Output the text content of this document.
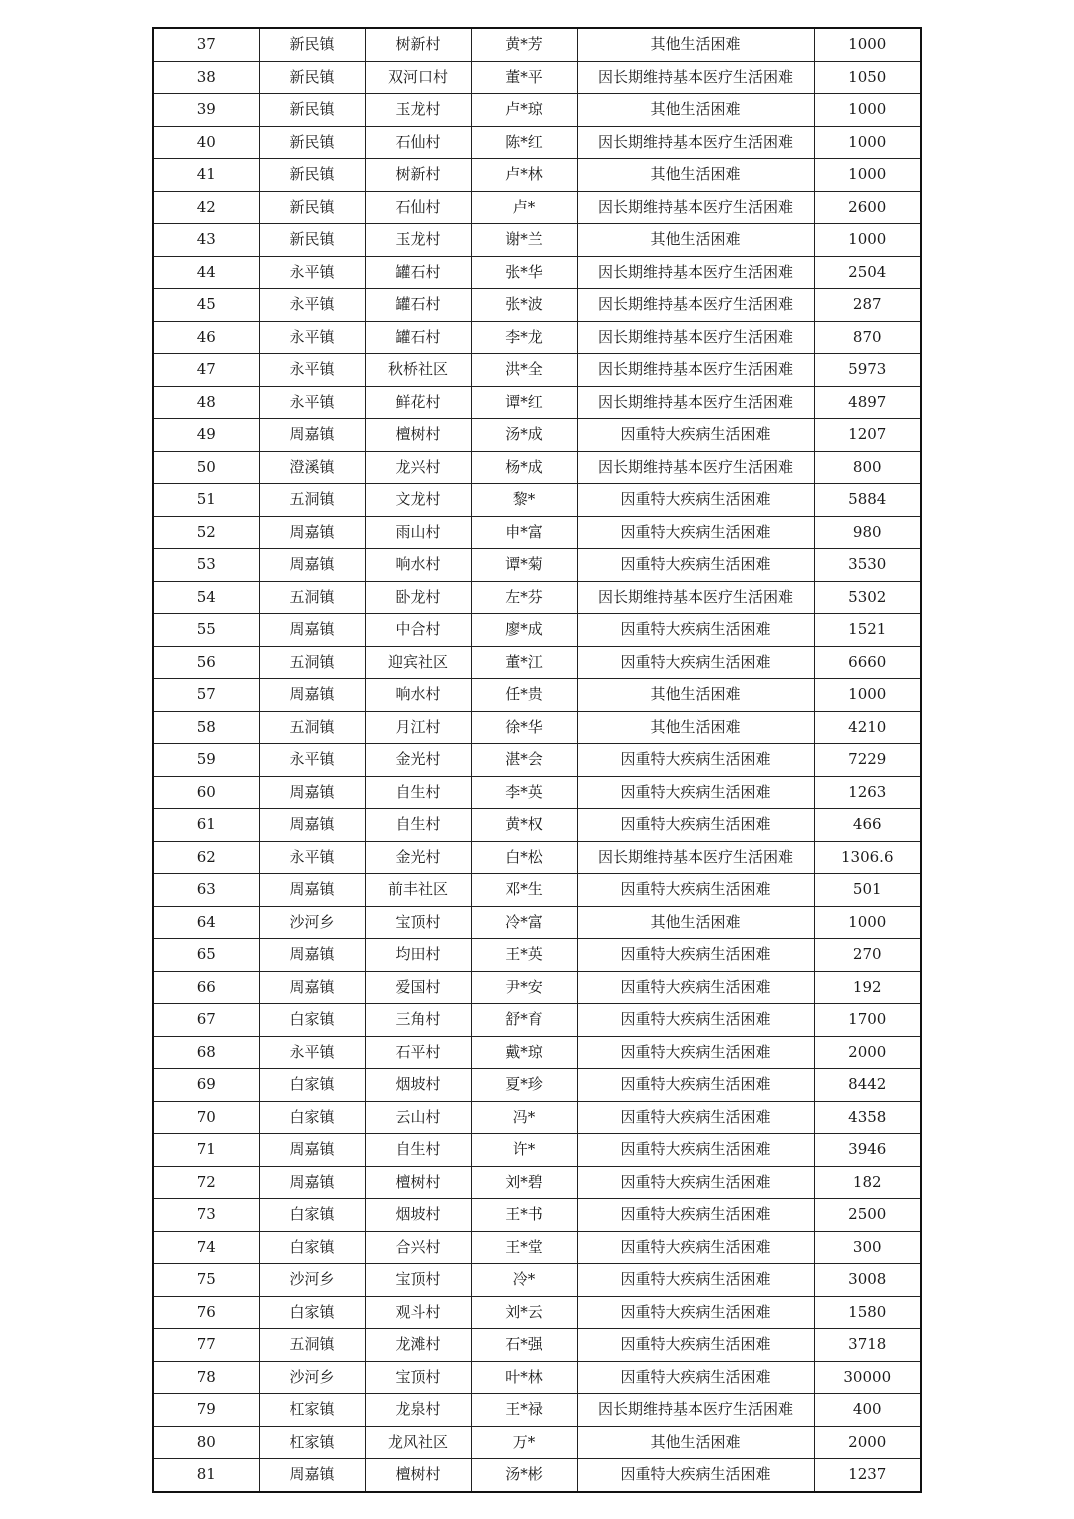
37	新民镇	树新村	黄*芳	其他生活困难	1000
38	新民镇	双河口村	董*平	因长期维持基本医疗生活困难	1050
39	新民镇	玉龙村	卢*琼	其他生活困难	1000
40	新民镇	石仙村	陈*红	因长期维持基本医疗生活困难	1000
41	新民镇	树新村	卢*林	其他生活困难	1000
42	新民镇	石仙村	卢*	因长期维持基本医疗生活困难	2600
43	新民镇	玉龙村	谢*兰	其他生活困难	1000
44	永平镇	罐石村	张*华	因长期维持基本医疗生活困难	2504
45	永平镇	罐石村	张*波	因长期维持基本医疗生活困难	287
46	永平镇	罐石村	李*龙	因长期维持基本医疗生活困难	870
47	永平镇	秋桥社区	洪*全	因长期维持基本医疗生活困难	5973
48	永平镇	鲜花村	谭*红	因长期维持基本医疗生活困难	4897
49	周嘉镇	檀树村	汤*成	因重特大疾病生活困难	1207
50	澄溪镇	龙兴村	杨*成	因长期维持基本医疗生活困难	800
51	五洞镇	文龙村	黎*	因重特大疾病生活困难	5884
52	周嘉镇	雨山村	申*富	因重特大疾病生活困难	980
53	周嘉镇	响水村	谭*菊	因重特大疾病生活困难	3530
54	五洞镇	卧龙村	左*芬	因长期维持基本医疗生活困难	5302
55	周嘉镇	中合村	廖*成	因重特大疾病生活困难	1521
56	五洞镇	迎宾社区	董*江	因重特大疾病生活困难	6660
57	周嘉镇	响水村	任*贵	其他生活困难	1000
58	五洞镇	月江村	徐*华	其他生活困难	4210
59	永平镇	金光村	湛*会	因重特大疾病生活困难	7229
60	周嘉镇	自生村	李*英	因重特大疾病生活困难	1263
61	周嘉镇	自生村	黄*权	因重特大疾病生活困难	466
62	永平镇	金光村	白*松	因长期维持基本医疗生活困难	1306.6
63	周嘉镇	前丰社区	邓*生	因重特大疾病生活困难	501
64	沙河乡	宝顶村	冷*富	其他生活困难	1000
65	周嘉镇	均田村	王*英	因重特大疾病生活困难	270
66	周嘉镇	爱国村	尹*安	因重特大疾病生活困难	192
67	白家镇	三角村	舒*育	因重特大疾病生活困难	1700
68	永平镇	石平村	戴*琼	因重特大疾病生活困难	2000
69	白家镇	烟坡村	夏*珍	因重特大疾病生活困难	8442
70	白家镇	云山村	冯*	因重特大疾病生活困难	4358
71	周嘉镇	自生村	许*	因重特大疾病生活困难	3946
72	周嘉镇	檀树村	刘*碧	因重特大疾病生活困难	182
73	白家镇	烟坡村	王*书	因重特大疾病生活困难	2500
74	白家镇	合兴村	王*堂	因重特大疾病生活困难	300
75	沙河乡	宝顶村	冷*	因重特大疾病生活困难	3008
76	白家镇	观斗村	刘*云	因重特大疾病生活困难	1580
77	五洞镇	龙滩村	石*强	因重特大疾病生活困难	3718
78	沙河乡	宝顶村	叶*林	因重特大疾病生活困难	30000
79	杠家镇	龙泉村	王*禄	因长期维持基本医疗生活困难	400
80	杠家镇	龙风社区	万*	其他生活困难	2000
81	周嘉镇	檀树村	汤*彬	因重特大疾病生活困难	1237
